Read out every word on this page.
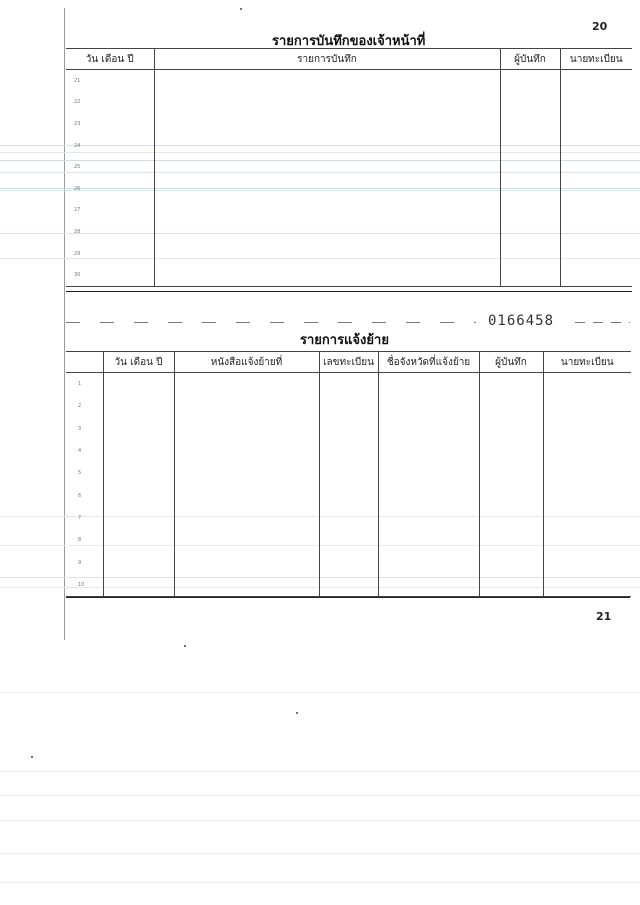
20
รายการบันทึกของเจ้าหน้าที่
วัน เดือน ปี	รายการบันทึก	ผู้บันทึก	นายทะเบียน
21			
22			
23			
24			
25			
26			
27			
28			
29			
30			
0166458
รายการแจ้งย้าย
	วัน เดือน ปี	หนังสือแจ้งย้ายที่	เลขทะเบียน	ชื่อจังหวัดที่แจ้งย้าย	ผู้บันทึก	นายทะเบียน
1						
2						
3						
4						
5						
6						
7						
8						
9						
10						
21
